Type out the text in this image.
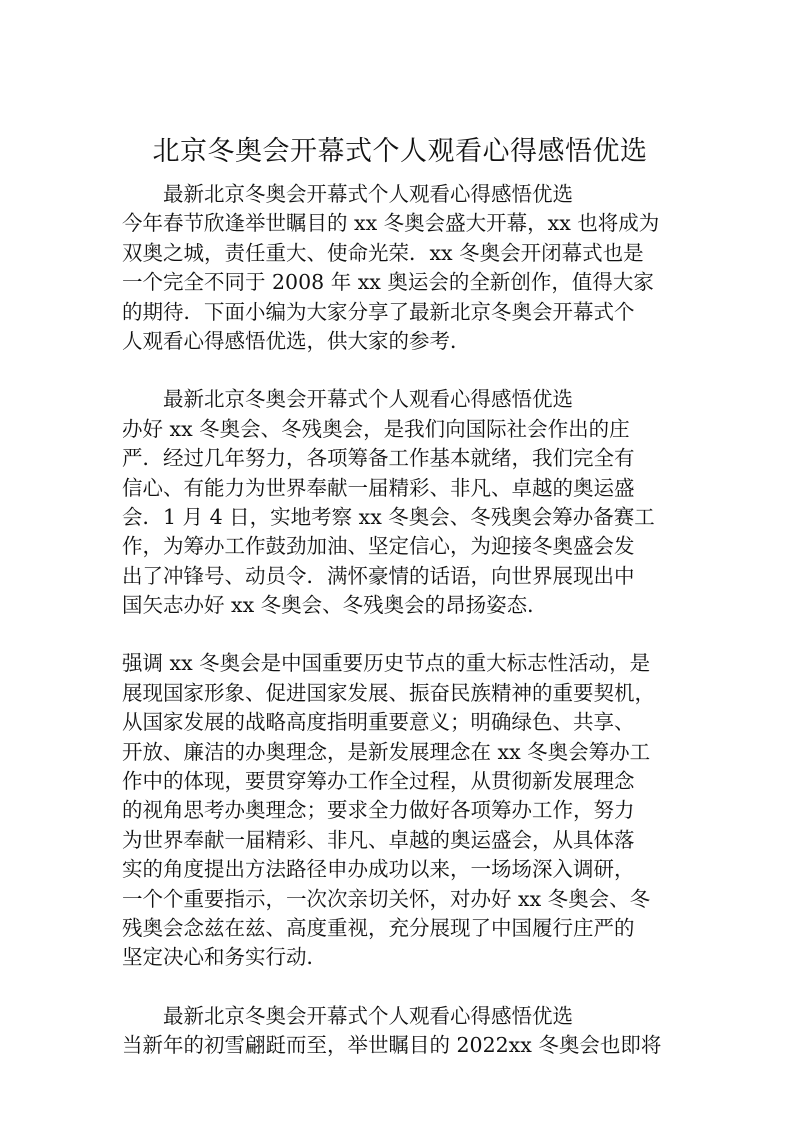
北京冬奥会开幕式个人观看心得感悟优选
最新北京冬奥会开幕式个人观看心得感悟优选
今年春节欣逢举世瞩目的 xx 冬奥会盛大开幕，xx 也将成为
双奥之城，责任重大、使命光荣．xx 冬奥会开闭幕式也是
一个完全不同于 2008 年 xx 奥运会的全新创作，值得大家
的期待．下面小编为大家分享了最新北京冬奥会开幕式个
人观看心得感悟优选，供大家的参考．
最新北京冬奥会开幕式个人观看心得感悟优选
办好 xx 冬奥会、冬残奥会，是我们向国际社会作出的庄
严．经过几年努力，各项筹备工作基本就绪，我们完全有
信心、有能力为世界奉献一届精彩、非凡、卓越的奥运盛
会．1 月 4 日，实地考察 xx 冬奥会、冬残奥会筹办备赛工
作，为筹办工作鼓劲加油、坚定信心，为迎接冬奥盛会发
出了冲锋号、动员令．满怀豪情的话语，向世界展现出中
国矢志办好 xx 冬奥会、冬残奥会的昂扬姿态．
强调 xx 冬奥会是中国重要历史节点的重大标志性活动，是
展现国家形象、促进国家发展、振奋民族精神的重要契机，
从国家发展的战略高度指明重要意义；明确绿色、共享、
开放、廉洁的办奥理念，是新发展理念在 xx 冬奥会筹办工
作中的体现，要贯穿筹办工作全过程，从贯彻新发展理念
的视角思考办奥理念；要求全力做好各项筹办工作，努力
为世界奉献一届精彩、非凡、卓越的奥运盛会，从具体落
实的角度提出方法路径申办成功以来，一场场深入调研，
一个个重要指示，一次次亲切关怀，对办好 xx 冬奥会、冬
残奥会念兹在兹、高度重视，充分展现了中国履行庄严的
坚定决心和务实行动．
最新北京冬奥会开幕式个人观看心得感悟优选
当新年的初雪翩跹而至，举世瞩目的 2022xx 冬奥会也即将
